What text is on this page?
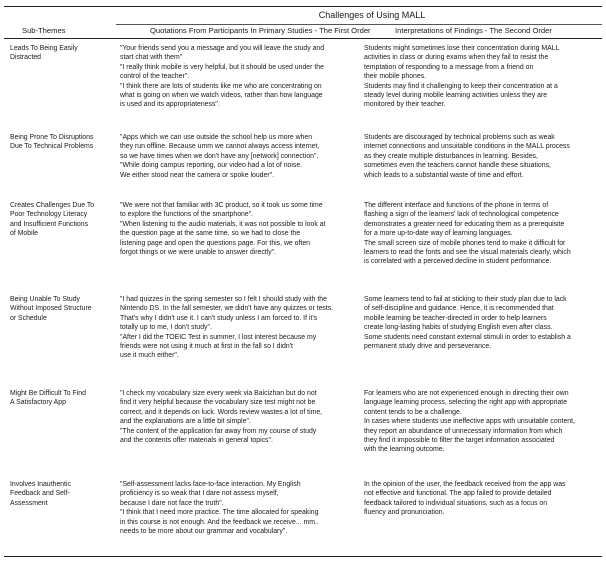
Challenges of Using MALL
Sub-Themes	Quotations From Participants In Primary Studies - The First Order	Interpretations of Findings - The Second Order
Leads To Being Easily
Distracted
"Your friends send you a message and you will leave the study and
start chat with them"
"I really think mobile is very helpful, but it should be used under the
control of the teacher".
"I think there are lots of students like me who are concentrating on
what is going on when we watch videos, rather than how language
is used and its appropriateness".
Students might sometimes lose their concentration during MALL
activities in class or during exams when they fail to resist the
temptation of responding to a message from a friend on
their mobile phones.
Students may find it challenging to keep their concentration at a
steady level during mobile learning activities unless they are
monitored by their teacher.
Being Prone To Disruptions
Due To Technical Problems
"Apps which we can use outside the school help us more when
they run offline. Because umm we cannot always access internet,
so we have times when we don't have any [network] connection".
"While doing campus reporting, our video had a lot of noise.
We either stood near the camera or spoke louder".
Students are discouraged by technical problems such as weak
internet connections and unsuitable conditions in the MALL process
as they create multiple disturbances in learning. Besides,
sometimes even the teachers cannot handle these situations,
which leads to a substantial waste of time and effort.
Creates Challenges Due To
Poor Technology Literacy
and Insufficient Functions
of Mobile
"We were not that familiar with 3C product, so it took us some time
to explore the functions of the smartphone".
"When listening to the audio materials, it was not possible to look at
the question page at the same time, so we had to close the
listening page and open the questions page. For this, we often
forgot things or we were unable to answer directly".
The different interface and functions of the phone in terms of
flashing a sign of the learners' lack of technological competence
demonstrates a greater need for educating them as a prerequisite
for a more up-to-date way of learning languages.
The small screen size of mobile phones tend to make it difficult for
learners to read the fonts and see the visual materials clearly, which
is correlated with a perceived decline in student performance.
Being Unable To Study
Without Imposed Structure
or Schedule
"I had quizzes in the spring semester so I felt I should study with the
Nintendo DS. In the fall semester, we didn't have any quizzes or tests.
That's why I didn't use it. I can't study unless I am forced to. If it's
totally up to me, I don't study".
"After I did the TOEIC Test in summer, I lost interest because my
friends were not using it much at first in the fall so I didn't
use it much either".
Some learners tend to fail at sticking to their study plan due to lack
of self-discipline and guidance. Hence, it is recommended that
mobile learning be teacher-directed in order to help learners
create long-lasting habits of studying English even after class.
Some students need constant external stimuli in order to establish a
permanent study drive and perseverance.
Might Be Difficult To Find
A Satisfactory App
"I check my vocabulary size every week via Baicizhan but do not
find it very helpful because the vocabulary size test might not be
correct, and it depends on luck. Words review wastes a lot of time,
and the explanations are a little bit simple".
"The content of the application far away from my course of study
and the contents offer materials in general topics".
For learners who are not experienced enough in directing their own
language learning process, selecting the right app with appropriate
content tends to be a challenge.
In cases where students use ineffective apps with unsuitable content,
they report an abundance of unnecessary information from which
they find it impossible to filter the target information associated
with the learning outcome.
Involves Inauthentic
Feedback and Self-
Assessment
"Self-assessment lacks face-to-face interaction. My English
proficiency is so weak that I dare not assess myself,
because I dare not face the truth".
"I think that I need more practice. The time allocated for speaking
in this course is not enough. And the feedback we receive... mm..
needs to be more about our grammar and vocabulary".
In the opinion of the user, the feedback received from the app was
not effective and functional. The app failed to provide detailed
feedback tailored to individual situations, such as a focus on
fluency and pronunciation.
